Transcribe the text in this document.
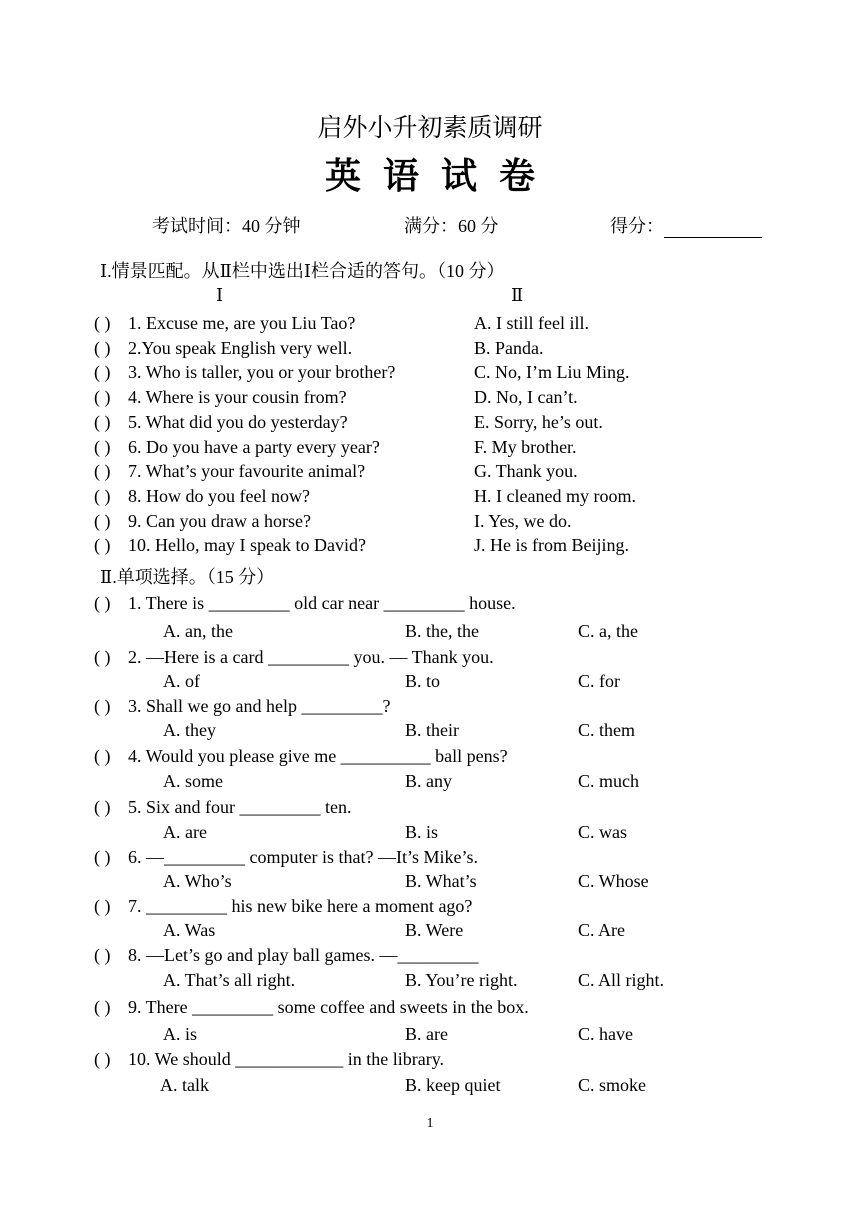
启外小升初素质调研
英语试卷
考试时间：40 分钟	满分：60 分	得分：
Ⅰ.情景匹配。从Ⅱ栏中选出Ⅰ栏合适的答句。（10 分）
Ⅰ	Ⅱ
( ) 1. Excuse me, are you Liu Tao?	A. I still feel ill.
( ) 2.You speak English very well.	B. Panda.
( ) 3. Who is taller, you or your brother?	C. No, I’m Liu Ming.
( ) 4. Where is your cousin from?	D. No, I can’t.
( ) 5. What did you do yesterday?	E. Sorry, he’s out.
( ) 6. Do you have a party every year?	F. My brother.
( ) 7. What’s your favourite animal?	G. Thank you.
( ) 8. How do you feel now?	H. I cleaned my room.
( ) 9. Can you draw a horse?	I. Yes, we do.
( ) 10. Hello, may I speak to David?	J. He is from Beijing.
Ⅱ.单项选择。（15 分）
( ) 1. There is _________ old car near _________ house.
A. an, the	B. the, the	C. a, the
( ) 2. —Here is a card _________ you. — Thank you.
A. of	B. to	C. for
( ) 3. Shall we go and help _________?
A. they	B. their	C. them
( ) 4. Would you please give me __________ ball pens?
A. some	B. any	C. much
( ) 5. Six and four _________ ten.
A. are	B. is	C. was
( ) 6. —_________ computer is that? —It’s Mike’s.
A. Who’s	B. What’s	C. Whose
( ) 7. _________ his new bike here a moment ago?
A. Was	B. Were	C. Are
( ) 8. —Let’s go and play ball games. —_________
A. That’s all right.	B. You’re right.	C. All right.
( ) 9. There _________ some coffee and sweets in the box.
A. is	B. are	C. have
( ) 10. We should ____________ in the library.
A. talk	B. keep quiet	C. smoke
1
